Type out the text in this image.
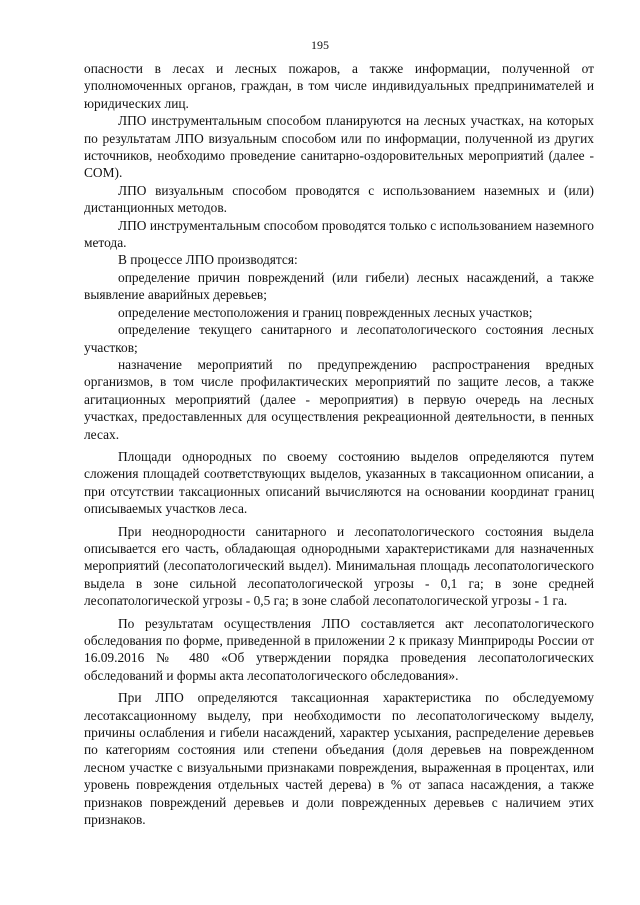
195

опасности в лесах и лесных пожаров, а также информации, полученной от уполномоченных органов, граждан, в том числе индивидуальных предпринимателей и юридических лиц.

ЛПО инструментальным способом планируются на лесных участках, на которых по результатам ЛПО визуальным способом или по информации, полученной из других источников, необходимо проведение санитарно-оздоровительных мероприятий (далее - СОМ).

ЛПО визуальным способом проводятся с использованием наземных и (или) дистанционных методов.

ЛПО инструментальным способом проводятся только с использованием наземного метода.

В процессе ЛПО производятся:

определение причин повреждений (или гибели) лесных насаждений, а также выявление аварийных деревьев;

определение местоположения и границ поврежденных лесных участков;

определение текущего санитарного и лесопатологического состояния лесных участков;

назначение мероприятий по предупреждению распространения вредных организмов, в том числе профилактических мероприятий по защите лесов, а также агитационных мероприятий (далее - мероприятия) в первую очередь на лесных участках, предоставленных для осуществления рекреационной деятельности, в пенных лесах.

Площади однородных по своему состоянию выделов определяются путем сложения площадей соответствующих выделов, указанных в таксационном описании, а при отсутствии таксационных описаний вычисляются на основании координат границ описываемых участков леса.

При неоднородности санитарного и лесопатологического состояния выдела описывается его часть, обладающая однородными характеристиками для назначенных мероприятий (лесопатологический выдел). Минимальная площадь лесопатологического выдела в зоне сильной лесопатологической угрозы - 0,1 га; в зоне средней лесопатологической угрозы - 0,5 га; в зоне слабой лесопатологической угрозы - 1 га.

По результатам осуществления ЛПО составляется акт лесопатологического обследования по форме, приведенной в приложении 2 к приказу Минприроды России от 16.09.2016 № 480 «Об утверждении порядка проведения лесопатологических обследований и формы акта лесопатологического обследования».

При ЛПО определяются таксационная характеристика по обследуемому лесотаксационному выделу, при необходимости по лесопатологическому выделу, причины ослабления и гибели насаждений, характер усыхания, распределение деревьев по категориям состояния или степени объедания (доля деревьев на поврежденном лесном участке с визуальными признаками повреждения, выраженная в процентах, или уровень повреждения отдельных частей дерева) в % от запаса насаждения, а также признаков повреждений деревьев и доли поврежденных деревьев с наличием этих признаков.
